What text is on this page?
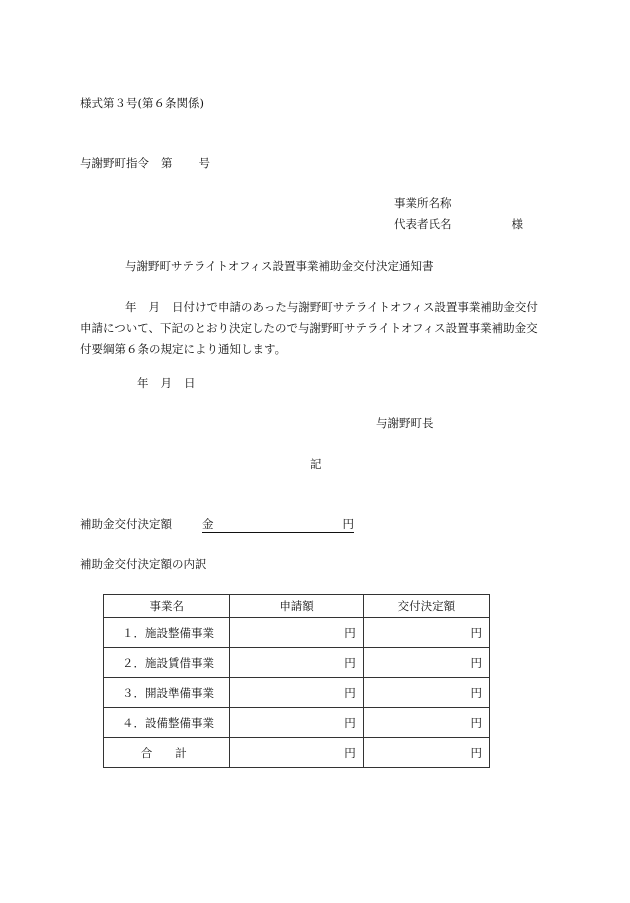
様式第３号(第６条関係)
与謝野町指令 第 号
事業所名称
代表者氏名	様
与謝野町サテライトオフィス設置事業補助金交付決定通知書
年 月 日付けで申請のあった与謝野町サテライトオフィス設置事業補助金交付
申請について、下記のとおり決定したので与謝野町サテライトオフィス設置事業補助金交
付要綱第６条の規定により通知します。
年 月 日
与謝野町長
記
補助金交付決定額	金	円
補助金交付決定額の内訳
事業名	申請額	交付決定額
１．施設整備事業	円	円
２．施設賃借事業	円	円
３．開設準備事業	円	円
４．設備整備事業	円	円
合　　計	円	円
